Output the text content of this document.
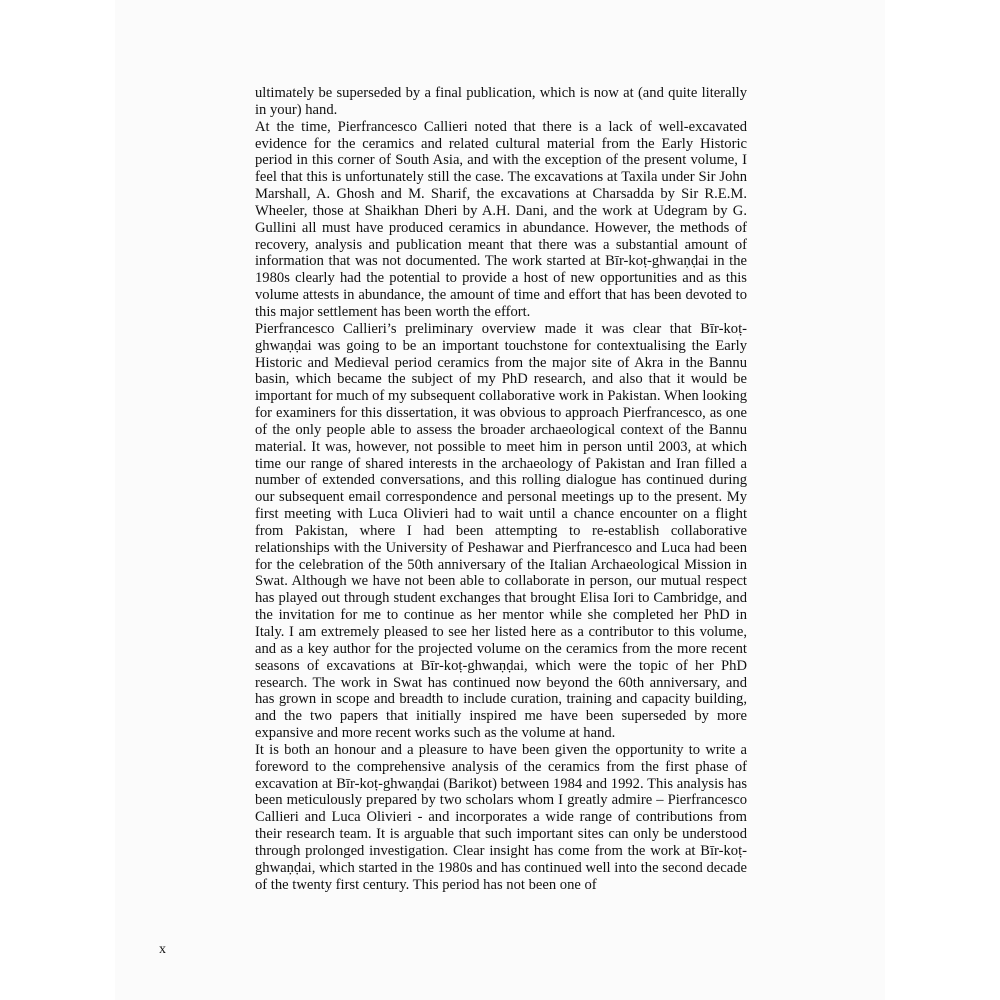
ultimately be superseded by a final publication, which is now at (and quite literally in your) hand.

At the time, Pierfrancesco Callieri noted that there is a lack of well-excavated evidence for the ceramics and related cultural material from the Early Historic period in this corner of South Asia, and with the exception of the present volume, I feel that this is unfortunately still the case. The excavations at Taxila under Sir John Marshall, A. Ghosh and M. Sharif, the excavations at Charsadda by Sir R.E.M. Wheeler, those at Shaikhan Dheri by A.H. Dani, and the work at Udegram by G. Gullini all must have produced ceramics in abundance. However, the methods of recovery, analysis and publication meant that there was a substantial amount of information that was not documented. The work started at Bīr-koṭ-ghwaṇḍai in the 1980s clearly had the potential to provide a host of new opportunities and as this volume attests in abundance, the amount of time and effort that has been devoted to this major settlement has been worth the effort.

Pierfrancesco Callieri’s preliminary overview made it was clear that Bīr-koṭ-ghwaṇḍai was going to be an important touchstone for contextualising the Early Historic and Medieval period ceramics from the major site of Akra in the Bannu basin, which became the subject of my PhD research, and also that it would be important for much of my subsequent collaborative work in Pakistan. When looking for examiners for this dissertation, it was obvious to approach Pierfrancesco, as one of the only people able to assess the broader archaeological context of the Bannu material. It was, however, not possible to meet him in person until 2003, at which time our range of shared interests in the archaeology of Pakistan and Iran filled a number of extended conversations, and this rolling dialogue has continued during our subsequent email correspondence and personal meetings up to the present. My first meeting with Luca Olivieri had to wait until a chance encounter on a flight from Pakistan, where I had been attempting to re-establish collaborative relationships with the University of Peshawar and Pierfrancesco and Luca had been for the celebration of the 50th anniversary of the Italian Archaeological Mission in Swat. Although we have not been able to collaborate in person, our mutual respect has played out through student exchanges that brought Elisa Iori to Cambridge, and the invitation for me to continue as her mentor while she completed her PhD in Italy. I am extremely pleased to see her listed here as a contributor to this volume, and as a key author for the projected volume on the ceramics from the more recent seasons of excavations at Bīr-koṭ-ghwaṇḍai, which were the topic of her PhD research. The work in Swat has continued now beyond the 60th anniversary, and has grown in scope and breadth to include curation, training and capacity building, and the two papers that initially inspired me have been superseded by more expansive and more recent works such as the volume at hand.

It is both an honour and a pleasure to have been given the opportunity to write a foreword to the comprehensive analysis of the ceramics from the first phase of excavation at Bīr-koṭ-ghwaṇḍai (Barikot) between 1984 and 1992. This analysis has been meticulously prepared by two scholars whom I greatly admire – Pierfrancesco Callieri and Luca Olivieri - and incorporates a wide range of contributions from their research team. It is arguable that such important sites can only be understood through prolonged investigation. Clear insight has come from the work at Bīr-koṭ-ghwaṇḍai, which started in the 1980s and has continued well into the second decade of the twenty first century. This period has not been one of

x
